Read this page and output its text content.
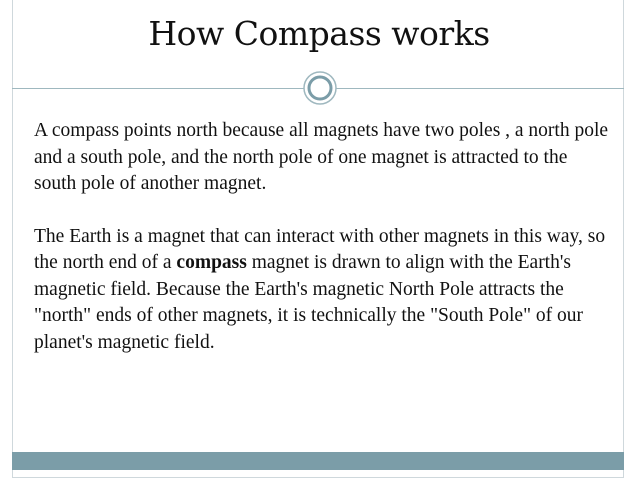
How Compass works

A compass points north because all magnets have two poles , a north pole and a south pole, and the north pole of one magnet is attracted to the south pole of another magnet.

The Earth is a magnet that can interact with other magnets in this way, so the north end of a compass magnet is drawn to align with the Earth's magnetic field. Because the Earth's magnetic North Pole attracts the "north" ends of other magnets, it is technically the "South Pole" of our planet's magnetic field.
